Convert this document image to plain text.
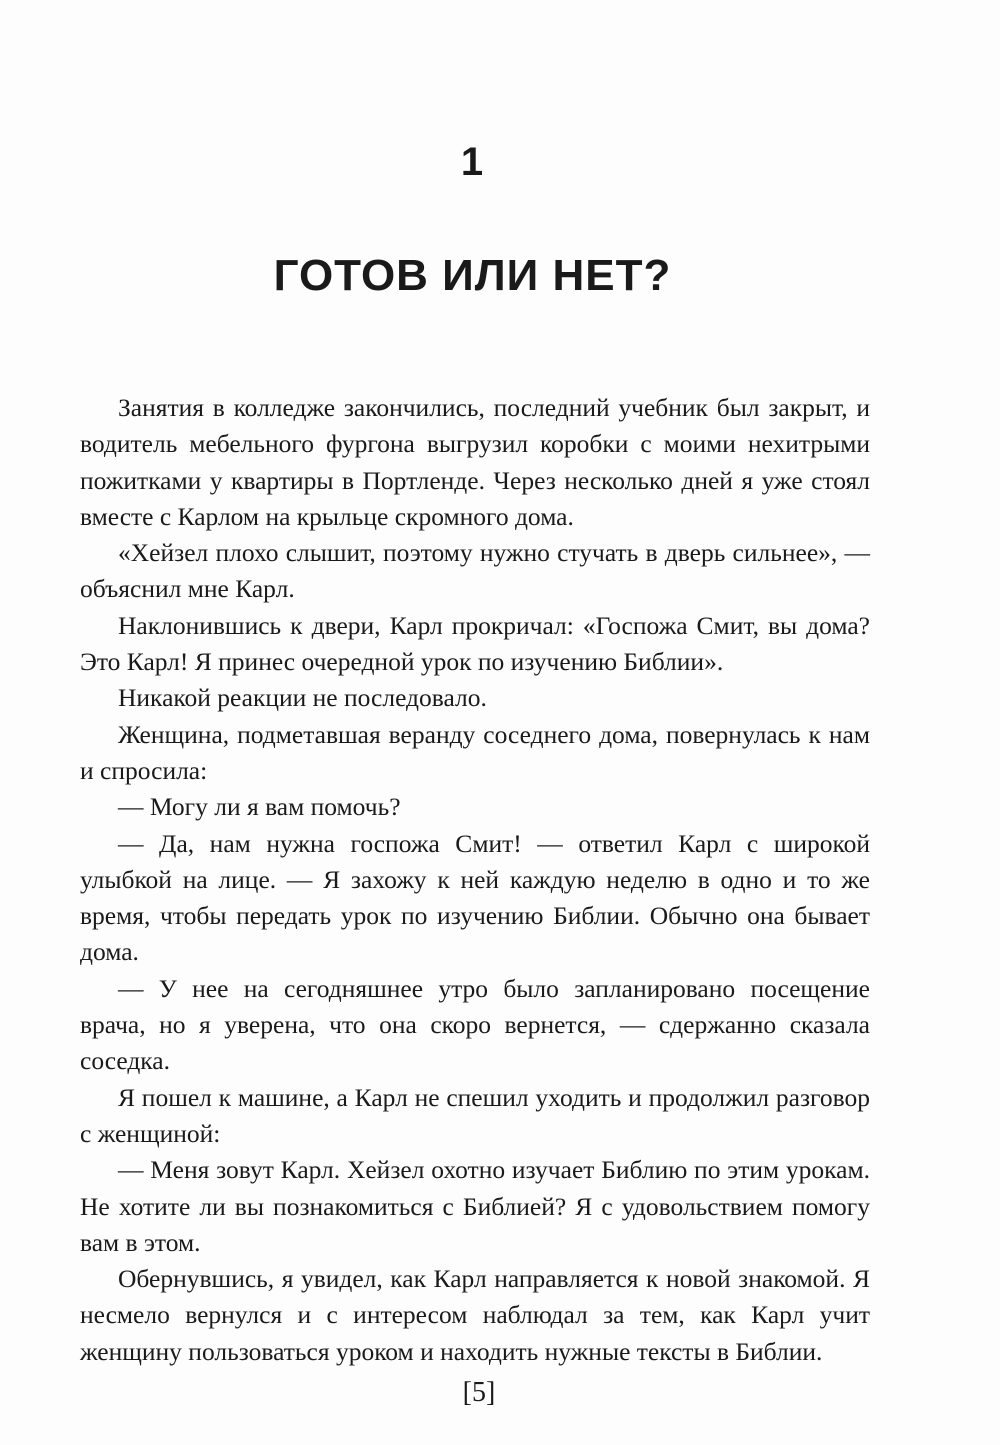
1
ГОТОВ ИЛИ НЕТ?

Занятия в колледже закончились, последний учебник был закрыт, и водитель мебельного фургона выгрузил коробки с моими нехитрыми пожитками у квартиры в Портленде. Через несколько дней я уже стоял вместе с Карлом на крыльце скромного дома.

«Хейзел плохо слышит, поэтому нужно стучать в дверь сильнее», — объяснил мне Карл.

Наклонившись к двери, Карл прокричал: «Госпожа Смит, вы дома? Это Карл! Я принес очередной урок по изучению Библии».

Никакой реакции не последовало.

Женщина, подметавшая веранду соседнего дома, повернулась к нам и спросила:

— Могу ли я вам помочь?

— Да, нам нужна госпожа Смит! — ответил Карл с широкой улыбкой на лице. — Я захожу к ней каждую неделю в одно и то же время, чтобы передать урок по изучению Библии. Обычно она бывает дома.

— У нее на сегодняшнее утро было запланировано посещение врача, но я уверена, что она скоро вернется, — сдержанно сказала соседка.

Я пошел к машине, а Карл не спешил уходить и продолжил разговор с женщиной:

— Меня зовут Карл. Хейзел охотно изучает Библию по этим урокам. Не хотите ли вы познакомиться с Библией? Я с удовольствием помогу вам в этом.

Обернувшись, я увидел, как Карл направляется к новой знакомой. Я несмело вернулся и с интересом наблюдал за тем, как Карл учит женщину пользоваться уроком и находить нужные тексты в Библии.

[5]
